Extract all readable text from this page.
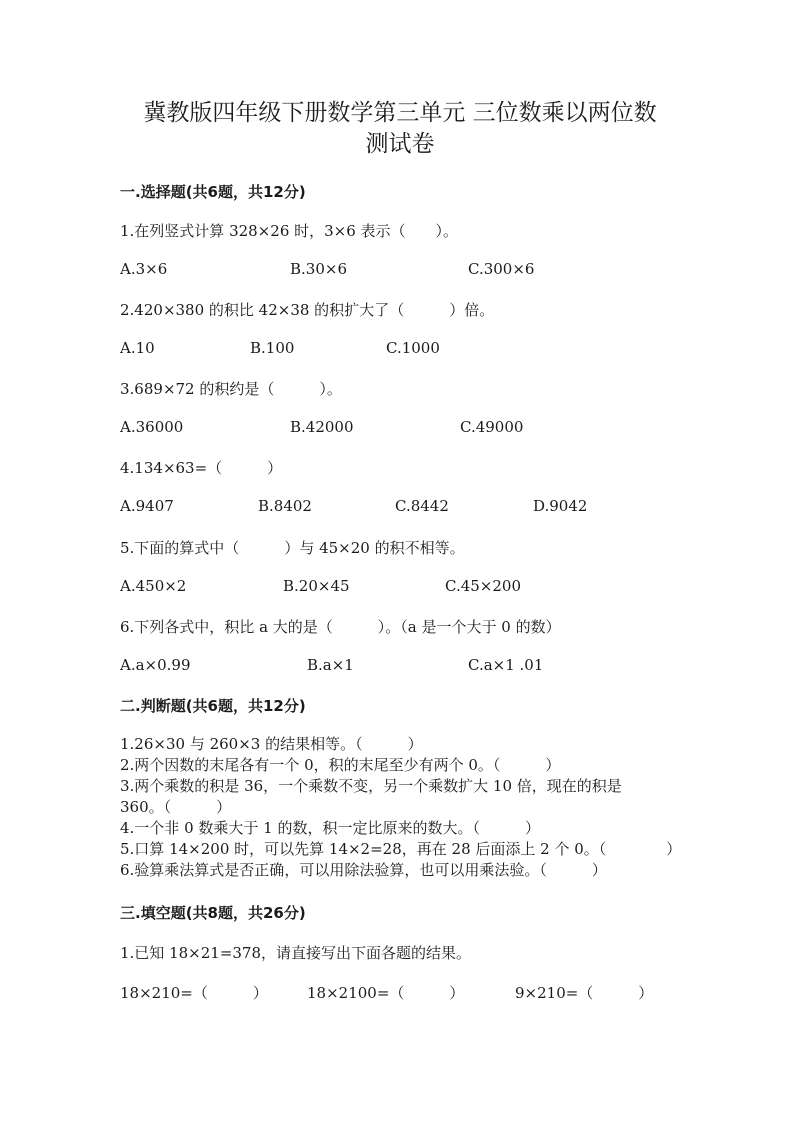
冀教版四年级下册数学第三单元 三位数乘以两位数
测试卷
一.选择题(共6题，共12分)
1.在列竖式计算 328×26 时，3×6 表示（　　）。
A.3×6	B.30×6	C.300×6
2.420×380 的积比 42×38 的积扩大了（　　　）倍。
A.10	B.100	C.1000
3.689×72 的积约是（　　　）。
A.36000	B.42000	C.49000
4.134×63=（　　　）
A.9407	B.8402	C.8442	D.9042
5.下面的算式中（　　　）与 45×20 的积不相等。
A.450×2	B.20×45	C.45×200
6.下列各式中，积比 a 大的是（　　　）。（a 是一个大于 0 的数）
A.a×0.99	B.a×1	C.a×1 .01
二.判断题(共6题，共12分)
1.26×30 与 260×3 的结果相等。（　　　）
2.两个因数的末尾各有一个 0，积的末尾至少有两个 0。（　　　）
3.两个乘数的积是 36，一个乘数不变，另一个乘数扩大 10 倍，现在的积是
360。（　　　）
4.一个非 0 数乘大于 1 的数，积一定比原来的数大。（　　　）
5.口算 14×200 时，可以先算 14×2=28，再在 28 后面添上 2 个 0。（　　　　）
6.验算乘法算式是否正确，可以用除法验算，也可以用乘法验。（　　　）
三.填空题(共8题，共26分)
1.已知 18×21=378，请直接写出下面各题的结果。
18×210=（　　　）	18×2100=（　　　）	9×210=（　　　）
